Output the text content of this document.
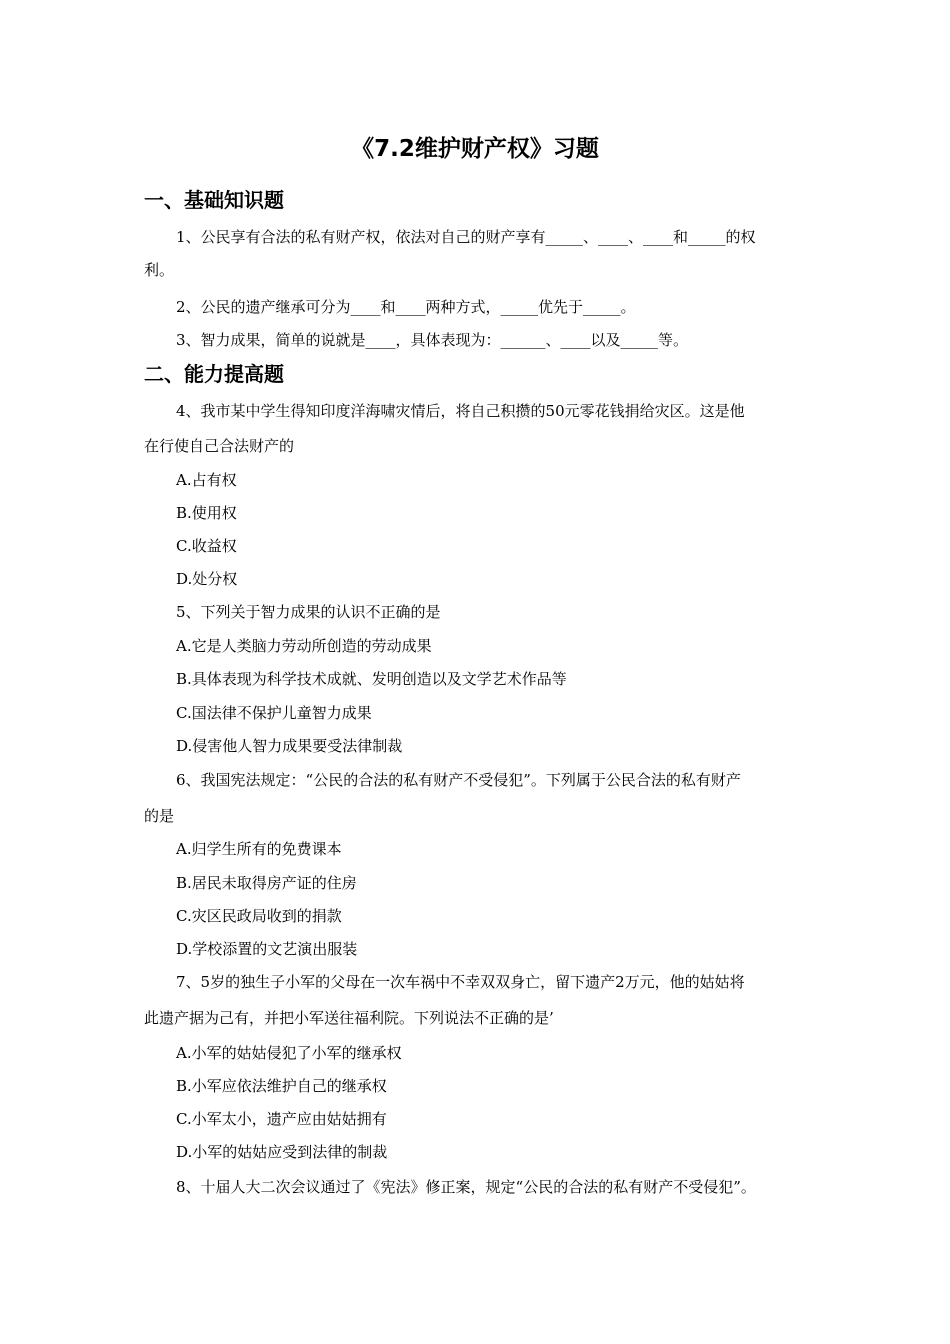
《7.2维护财产权》习题
一、基础知识题
1、公民享有合法的私有财产权，依法对自己的财产享有_____、____、____和_____的权
利。
2、公民的遗产继承可分为____和____两种方式，_____优先于_____。
3、智力成果，简单的说就是____，具体表现为：______、____以及_____等。
二、能力提高题
4、我市某中学生得知印度洋海啸灾情后，将自己积攒的50元零花钱捐给灾区。这是他
在行使自己合法财产的
A.占有权
B.使用权
C.收益权
D.处分权
5、下列关于智力成果的认识不正确的是
A.它是人类脑力劳动所创造的劳动成果
B.具体表现为科学技术成就、发明创造以及文学艺术作品等
C.国法律不保护儿童智力成果
D.侵害他人智力成果要受法律制裁
6、我国宪法规定：“公民的合法的私有财产不受侵犯”。下列属于公民合法的私有财产
的是
A.归学生所有的免费课本
B.居民未取得房产证的住房
C.灾区民政局收到的捐款
D.学校添置的文艺演出服装
7、5岁的独生子小军的父母在一次车祸中不幸双双身亡，留下遗产2万元，他的姑姑将
此遗产据为己有，并把小军送往福利院。下列说法不正确的是’
A.小军的姑姑侵犯了小军的继承权
B.小军应依法维护自己的继承权
C.小军太小，遗产应由姑姑拥有
D.小军的姑姑应受到法律的制裁
8、十届人大二次会议通过了《宪法》修正案，规定“公民的合法的私有财产不受侵犯”。
